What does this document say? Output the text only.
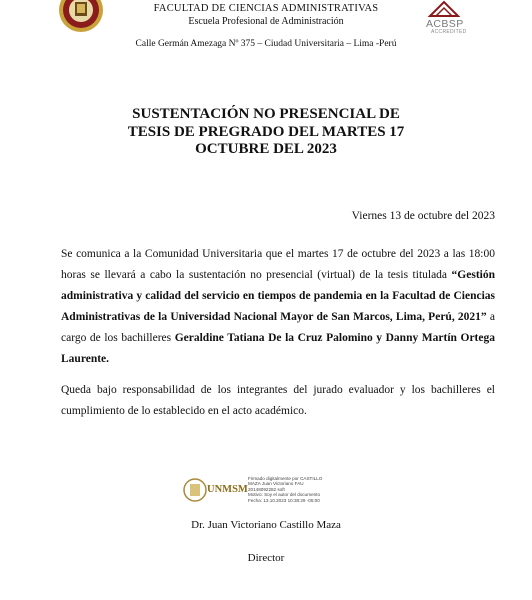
FACULTAD DE CIENCIAS ADMINISTRATIVAS
Escuela Profesional de Administración
Calle Germán Amezaga Nº 375 – Ciudad Universitaria – Lima -Perú
ACBSP
ACCREDITED
SUSTENTACIÓN NO PRESENCIAL DE
TESIS DE PREGRADO DEL MARTES 17
OCTUBRE DEL 2023
Viernes 13 de octubre del 2023
Se comunica a la Comunidad Universitaria que el martes 17 de octubre del 2023 a las 18:00 horas se llevará a cabo la sustentación no presencial (virtual) de la tesis titulada “Gestión administrativa y calidad del servicio en tiempos de pandemia en la Facultad de Ciencias Administrativas de la Universidad Nacional Mayor de San Marcos, Lima, Perú, 2021” a cargo de los bachilleres Geraldine Tatiana De la Cruz Palomino y Danny Martín Ortega Laurente.
Queda bajo responsabilidad de los integrantes del jurado evaluador y los bachilleres el cumplimiento de lo establecido en el acto académico.
UNMSM
Firmado digitalmente por CASTILLO
MAZA Juan Victoriano FAU
20148092282 soft
Motivo: Soy el autor del documento
Fecha: 13.10.2023 10:38:29 -05:00
Dr. Juan Victoriano Castillo Maza
Director
